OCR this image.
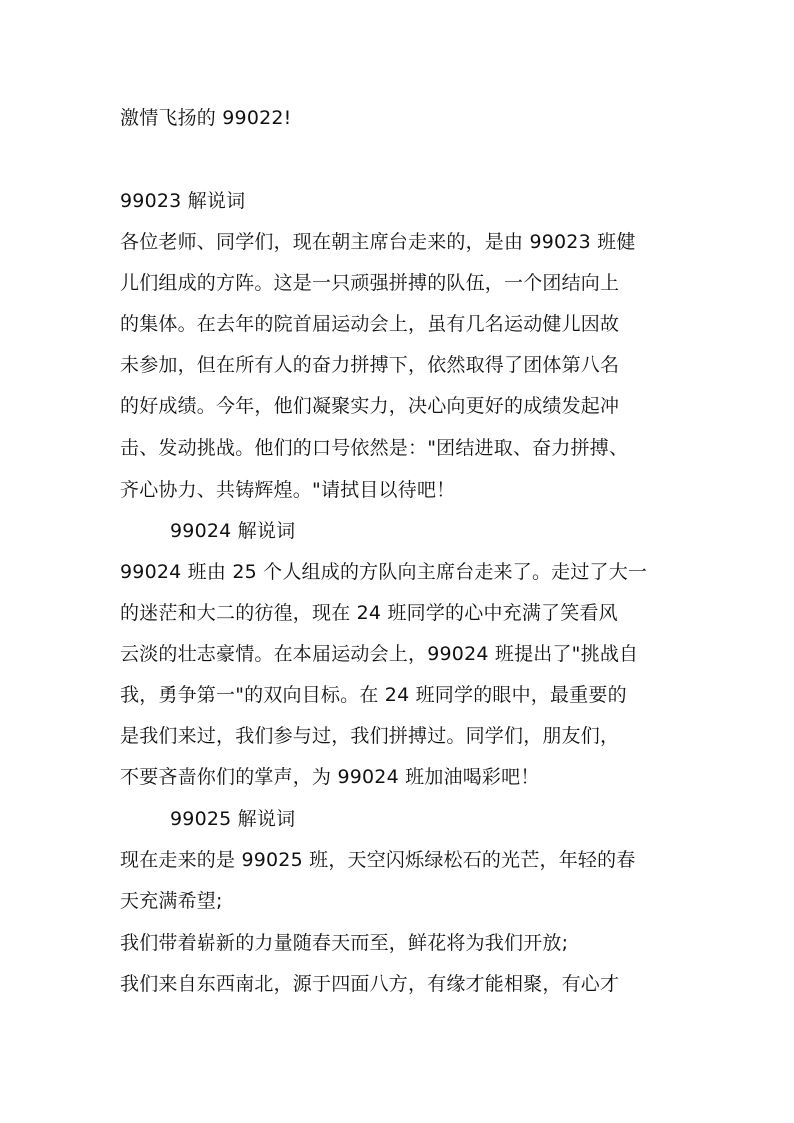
激情飞扬的 99022!
99023 解说词
各位老师、同学们，现在朝主席台走来的，是由 99023 班健
儿们组成的方阵。这是一只顽强拼搏的队伍，一个团结向上
的集体。在去年的院首届运动会上，虽有几名运动健儿因故
未参加，但在所有人的奋力拼搏下，依然取得了团体第八名
的好成绩。今年，他们凝聚实力，决心向更好的成绩发起冲
击、发动挑战。他们的口号依然是："团结进取、奋力拼搏、
齐心协力、共铸辉煌。"请拭目以待吧！
99024 解说词
99024 班由 25 个人组成的方队向主席台走来了。走过了大一
的迷茫和大二的彷徨，现在 24 班同学的心中充满了笑看风
云淡的壮志豪情。在本届运动会上，99024 班提出了"挑战自
我，勇争第一"的双向目标。在 24 班同学的眼中，最重要的
是我们来过，我们参与过，我们拼搏过。同学们，朋友们，
不要吝啬你们的掌声，为 99024 班加油喝彩吧！
99025 解说词
现在走来的是 99025 班，天空闪烁绿松石的光芒，年轻的春
天充满希望;
我们带着崭新的力量随春天而至，鲜花将为我们开放;
我们来自东西南北，源于四面八方，有缘才能相聚，有心才
